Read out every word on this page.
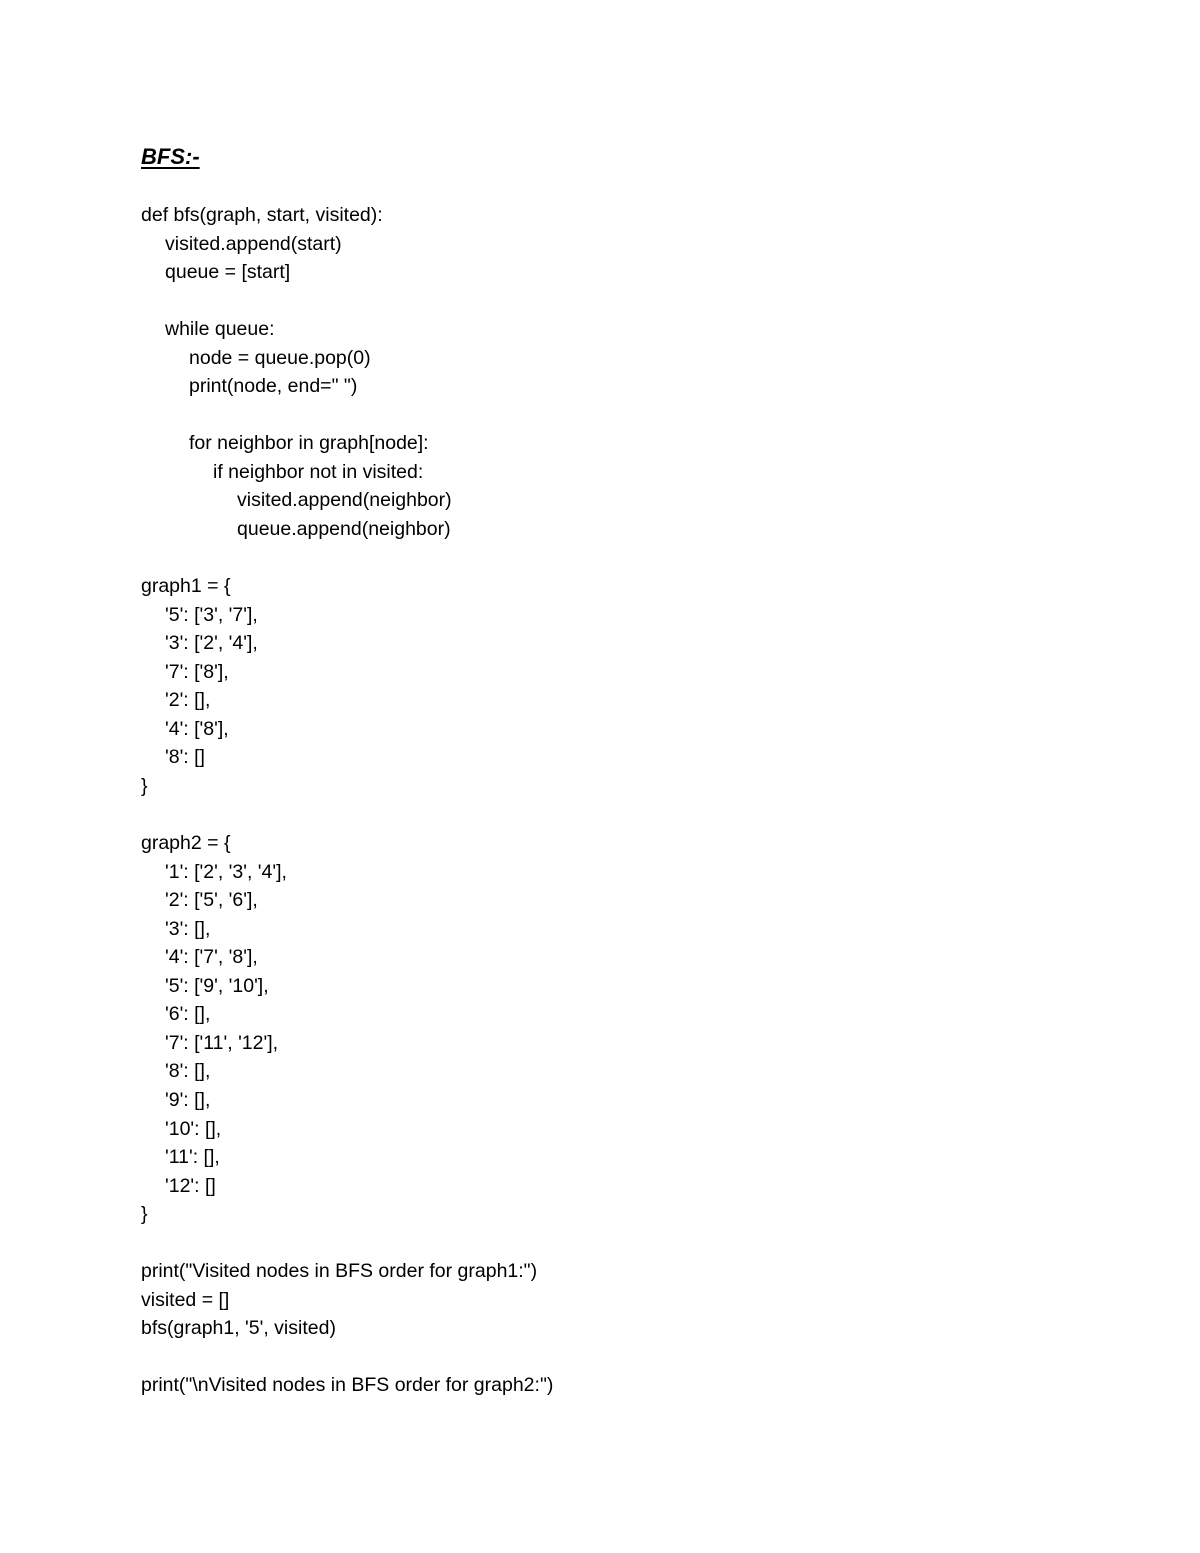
BFS:-
def bfs(graph, start, visited):
visited.append(start)
queue = [start]
while queue:
node = queue.pop(0)
print(node, end=" ")
for neighbor in graph[node]:
if neighbor not in visited:
visited.append(neighbor)
queue.append(neighbor)
graph1 = {
'5': ['3', '7'],
'3': ['2', '4'],
'7': ['8'],
'2': [],
'4': ['8'],
'8': []
}
graph2 = {
'1': ['2', '3', '4'],
'2': ['5', '6'],
'3': [],
'4': ['7', '8'],
'5': ['9', '10'],
'6': [],
'7': ['11', '12'],
'8': [],
'9': [],
'10': [],
'11': [],
'12': []
}
print("Visited nodes in BFS order for graph1:")
visited = []
bfs(graph1, '5', visited)
print("\nVisited nodes in BFS order for graph2:")
